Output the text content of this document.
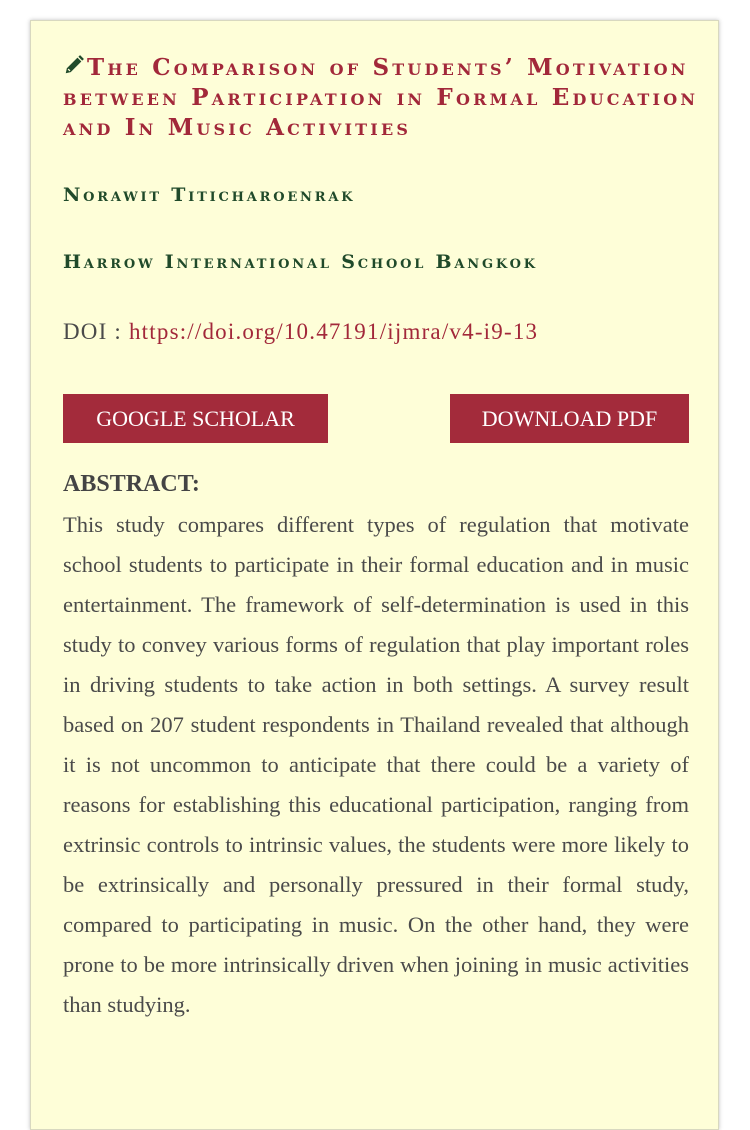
The Comparison of Students’ Motivation between Participation in Formal Education and In Music Activities

Norawit Titicharoenrak

Harrow International School Bangkok

DOI : https://doi.org/10.47191/ijmra/v4-i9-13
GOOGLE SCHOLAR	DOWNLOAD PDF
ABSTRACT:

This study compares different types of regulation that motivate school students to participate in their formal education and in music entertainment. The framework of self-determination is used in this study to convey various forms of regulation that play important roles in driving students to take action in both settings. A survey result based on 207 student respondents in Thailand revealed that although it is not uncommon to anticipate that there could be a variety of reasons for establishing this educational participation, ranging from extrinsic controls to intrinsic values, the students were more likely to be extrinsically and personally pressured in their formal study, compared to participating in music. On the other hand, they were prone to be more intrinsically driven when joining in music activities than studying.
